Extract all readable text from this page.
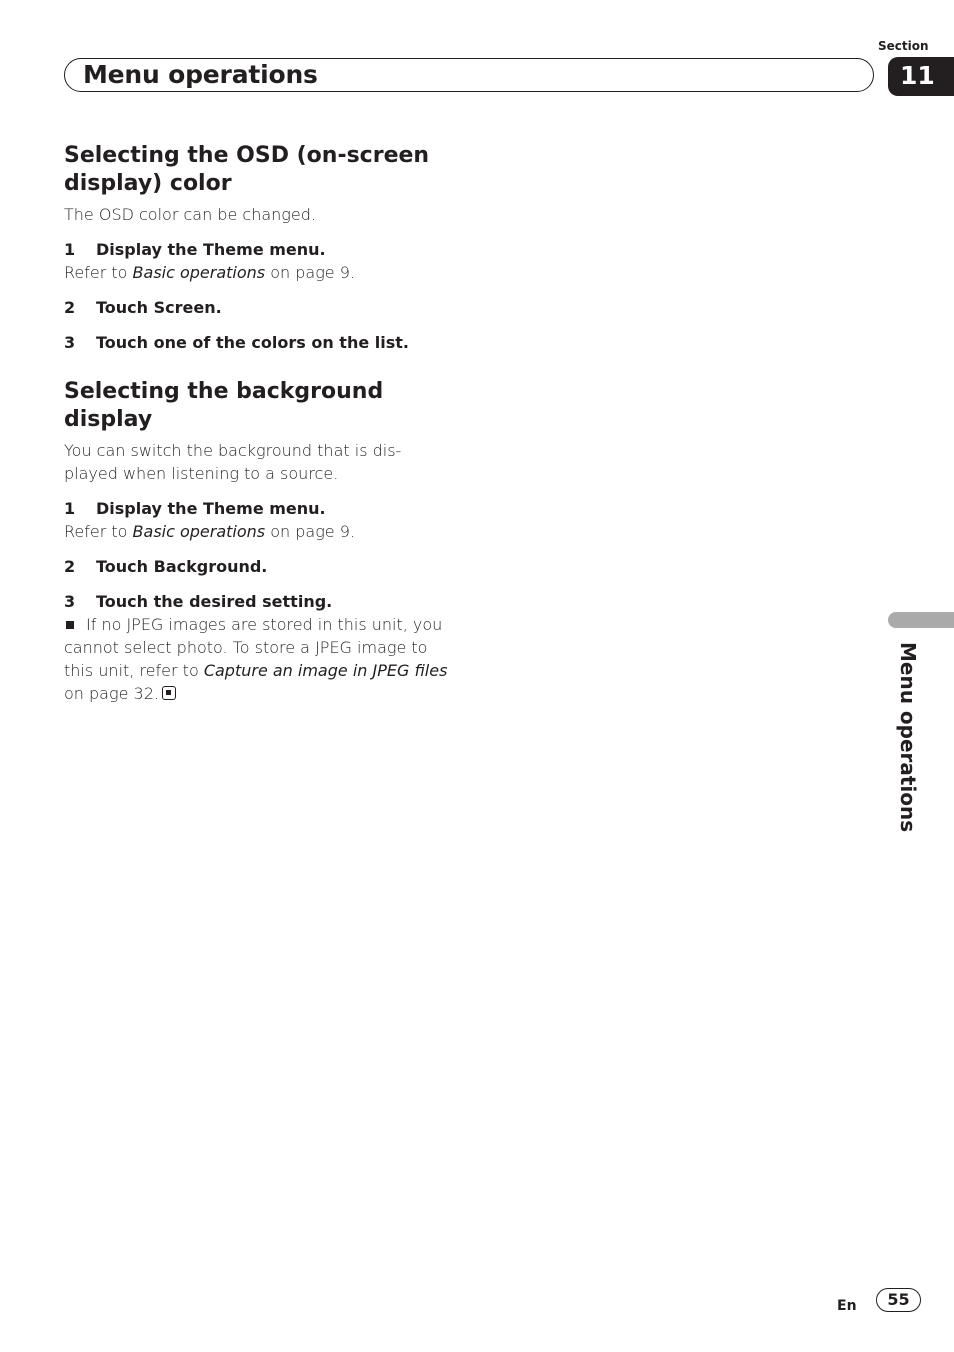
Section
Menu operations	11
Selecting the OSD (on-screen
display) color

The OSD color can be changed.

1 Display the Theme menu.

Refer to Basic operations on page 9.

2 Touch Screen.

3 Touch one of the colors on the list.

Selecting the background display

You can switch the background that is dis-
played when listening to a source.

1 Display the Theme menu.

Refer to Basic operations on page 9.

2 Touch Background.

3 Touch the desired setting.

If no JPEG images are stored in this unit, you
cannot select photo. To store a JPEG image to
this unit, refer to Capture an image in JPEG files
on page 32.	Menu operations
En	55
